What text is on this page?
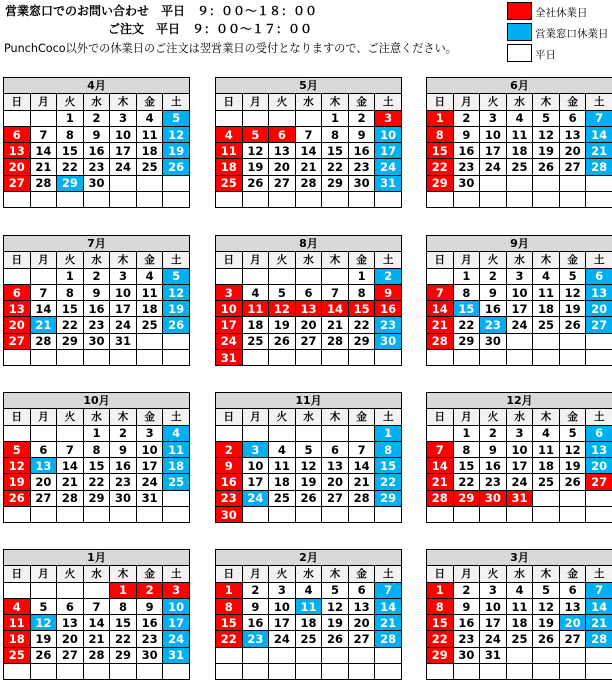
営業窓口でのお問い合わせ　平日　９：００～１８：００
ご注文　平日　９：００～１７：００
PunchCoco以外での休業日のご注文は翌営業日の受付となりますので、ご注意ください。
全社休業日
営業窓口休業日
平日
4月						
日	月	火	水	木	金	土
		1	2	3	4	5
6	7	8	9	10	11	12
13	14	15	16	17	18	19
20	21	22	23	24	25	26
27	28	29	30			

5月						
日	月	火	水	木	金	土
				1	2	3
4	5	6	7	8	9	10
11	12	13	14	15	16	17
18	19	20	21	22	23	24
25	26	27	28	29	30	31

6月						
日	月	火	水	木	金	土
1	2	3	4	5	6	7
8	9	10	11	12	13	14
15	16	17	18	19	20	21
22	23	24	25	26	27	28
29	30					

7月						
日	月	火	水	木	金	土
		1	2	3	4	5
6	7	8	9	10	11	12
13	14	15	16	17	18	19
20	21	22	23	24	25	26
27	28	29	30	31		

8月						
日	月	火	水	木	金	土
					1	2
3	4	5	6	7	8	9
10	11	12	13	14	15	16
17	18	19	20	21	22	23
24	25	26	27	28	29	30
31						
9月						
日	月	火	水	木	金	土
	1	2	3	4	5	6
7	8	9	10	11	12	13
14	15	16	17	18	19	20
21	22	23	24	25	26	27
28	29	30				

10月						
日	月	火	水	木	金	土
			1	2	3	4
5	6	7	8	9	10	11
12	13	14	15	16	17	18
19	20	21	22	23	24	25
26	27	28	29	30	31	

11月						
日	月	火	水	木	金	土
						1
2	3	4	5	6	7	8
9	10	11	12	13	14	15
16	17	18	19	20	21	22
23	24	25	26	27	28	29
30						
12月						
日	月	火	水	木	金	土
	1	2	3	4	5	6
7	8	9	10	11	12	13
14	15	16	17	18	19	20
21	22	23	24	25	26	27
28	29	30	31			

1月						
日	月	火	水	木	金	土
				1	2	3
4	5	6	7	8	9	10
11	12	13	14	15	16	17
18	19	20	21	22	23	24
25	26	27	28	29	30	31

2月						
日	月	火	水	木	金	土
1	2	3	4	5	6	7
8	9	10	11	12	13	14
15	16	17	18	19	20	21
22	23	24	25	26	27	28

3月						
日	月	火	水	木	金	土
1	2	3	4	5	6	7
8	9	10	11	12	13	14
15	16	17	18	19	20	21
22	23	24	25	26	27	28
29	30	31				
